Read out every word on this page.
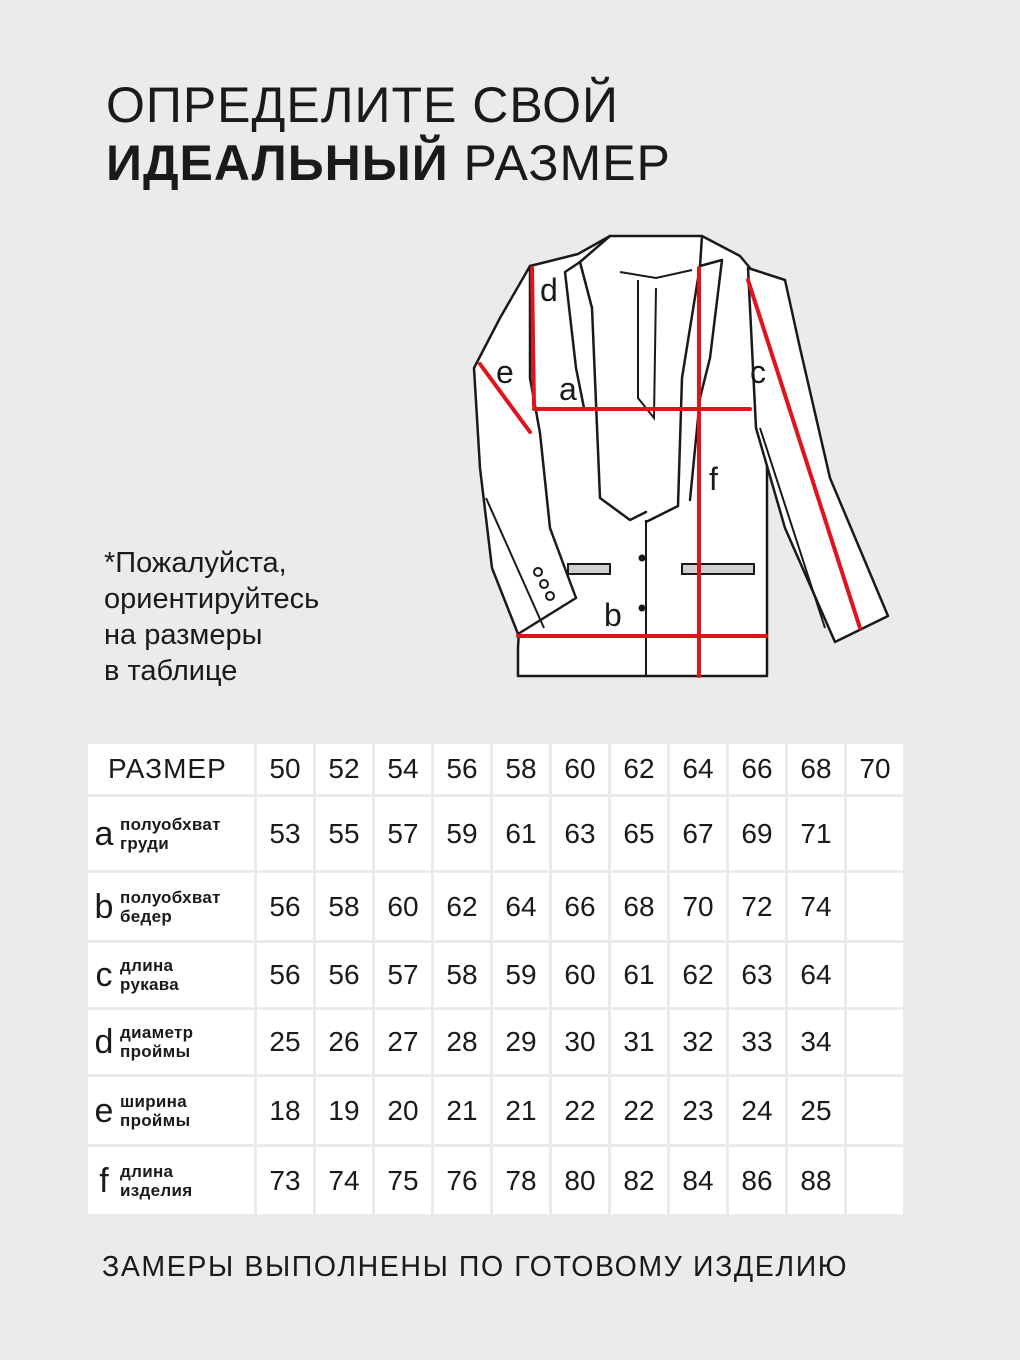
ОПРЕДЕЛИТЕ СВОЙ
ИДЕАЛЬНЫЙ РАЗМЕР
*Пожалуйста,
ориентируйтесь
на размеры
в таблице
a
b
c
d
e
f
РАЗМЕР	50	52	54	56	58	60	62	64	66	68	70

a полуобхват
груди	53	55	57	59	61	63	65	67	69	71	

b полуобхват
бедер	56	58	60	62	64	66	68	70	72	74	

c длина
рукава	56	56	57	58	59	60	61	62	63	64	

d диаметр
проймы	25	26	27	28	29	30	31	32	33	34	

e ширина
проймы	18	19	20	21	21	22	22	23	24	25	

f длина
изделия	73	74	75	76	78	80	82	84	86	88	
ЗАМЕРЫ ВЫПОЛНЕНЫ ПО ГОТОВОМУ ИЗДЕЛИЮ
